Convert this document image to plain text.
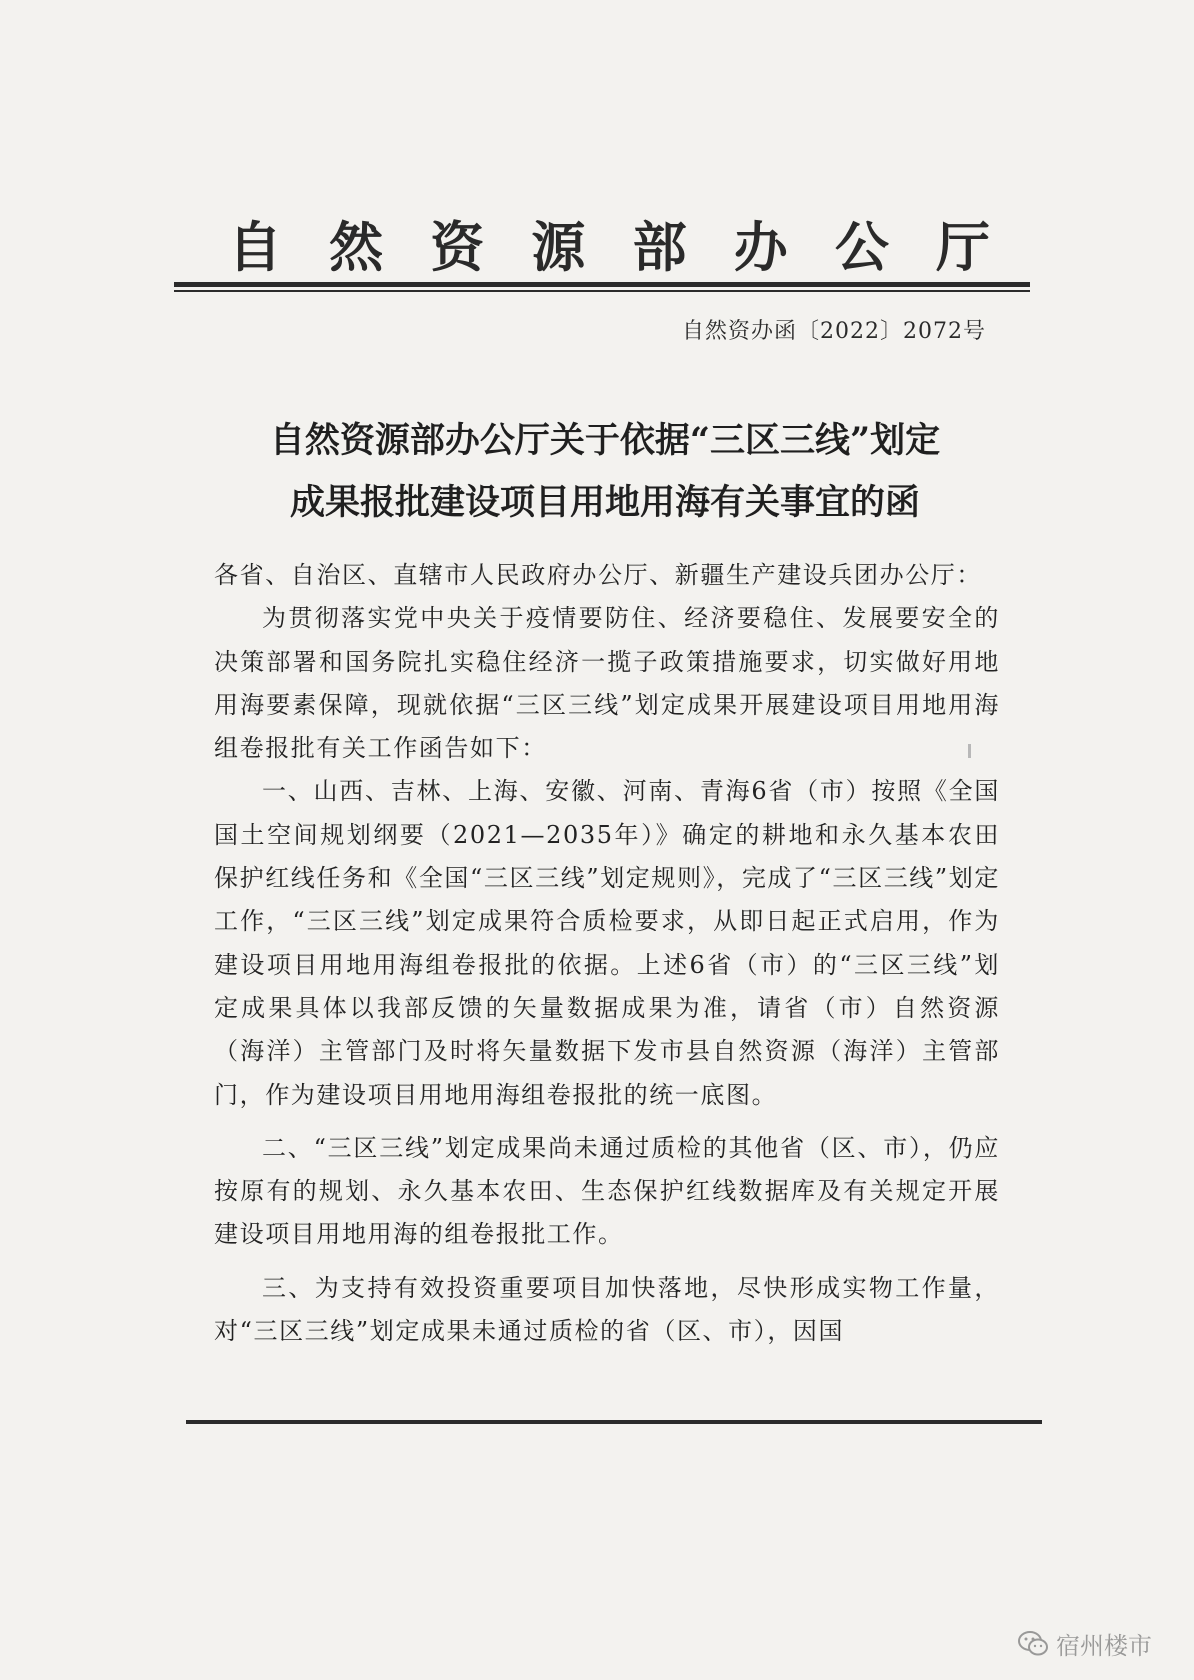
自 然 资 源 部 办 公 厅
自然资办函〔2022〕2072号
自然资源部办公厅关于依据“三区三线”划定
成果报批建设项目用地用海有关事宜的函

各省、自治区、直辖市人民政府办公厅、新疆生产建设兵团办公厅：

为贯彻落实党中央关于疫情要防住、经济要稳住、发展要安全的决策部署和国务院扎实稳住经济一揽子政策措施要求，切实做好用地用海要素保障，现就依据“三区三线”划定成果开展建设项目用地用海组卷报批有关工作函告如下：

一、山西、吉林、上海、安徽、河南、青海6省（市）按照《全国国土空间规划纲要（2021—2035年）》确定的耕地和永久基本农田保护红线任务和《全国“三区三线”划定规则》，完成了“三区三线”划定工作，“三区三线”划定成果符合质检要求，从即日起正式启用，作为建设项目用地用海组卷报批的依据。上述6省（市）的“三区三线”划定成果具体以我部反馈的矢量数据成果为准，请省（市）自然资源（海洋）主管部门及时将矢量数据下发市县自然资源（海洋）主管部门，作为建设项目用地用海组卷报批的统一底图。

二、“三区三线”划定成果尚未通过质检的其他省（区、市），仍应按原有的规划、永久基本农田、生态保护红线数据库及有关规定开展建设项目用地用海的组卷报批工作。

三、为支持有效投资重要项目加快落地，尽快形成实物工作量，对“三区三线”划定成果未通过质检的省（区、市），因国

宿州楼市
